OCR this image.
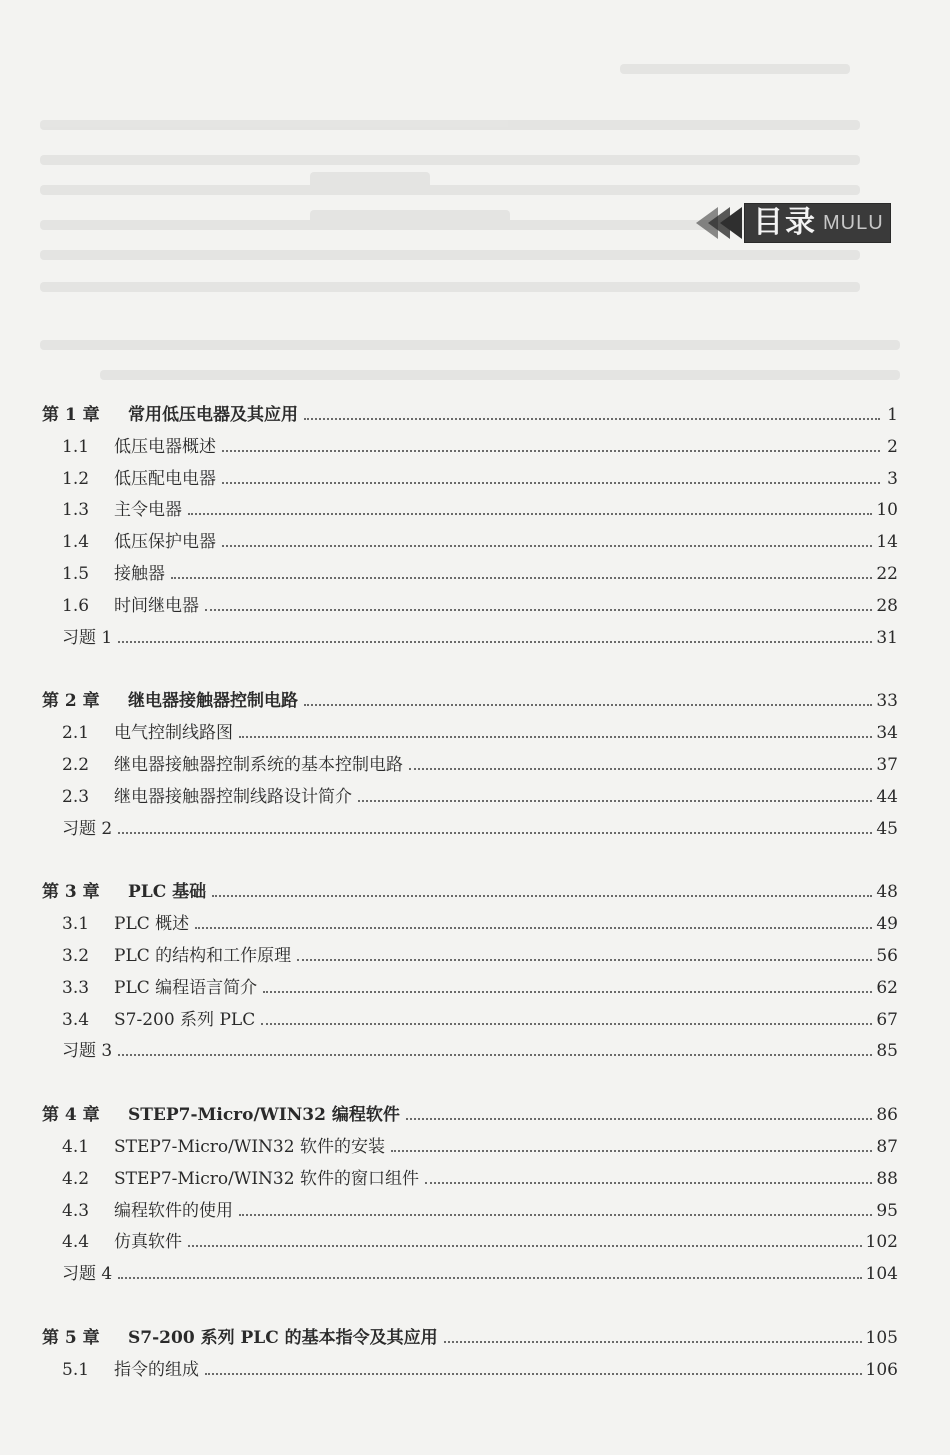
目录 MULU
第 1 章	常用低压电器及其应用	1
1.1	低压电器概述	2
1.2	低压配电电器	3
1.3	主令电器	10
1.4	低压保护电器	14
1.5	接触器	22
1.6	时间继电器	28
习题 1	31
第 2 章	继电器接触器控制电路	33
2.1	电气控制线路图	34
2.2	继电器接触器控制系统的基本控制电路	37
2.3	继电器接触器控制线路设计简介	44
习题 2	45
第 3 章	PLC 基础	48
3.1	PLC 概述	49
3.2	PLC 的结构和工作原理	56
3.3	PLC 编程语言简介	62
3.4	S7-200 系列 PLC	67
习题 3	85
第 4 章	STEP7-Micro/WIN32 编程软件	86
4.1	STEP7-Micro/WIN32 软件的安装	87
4.2	STEP7-Micro/WIN32 软件的窗口组件	88
4.3	编程软件的使用	95
4.4	仿真软件	102
习题 4	104
第 5 章	S7-200 系列 PLC 的基本指令及其应用	105
5.1	指令的组成	106
